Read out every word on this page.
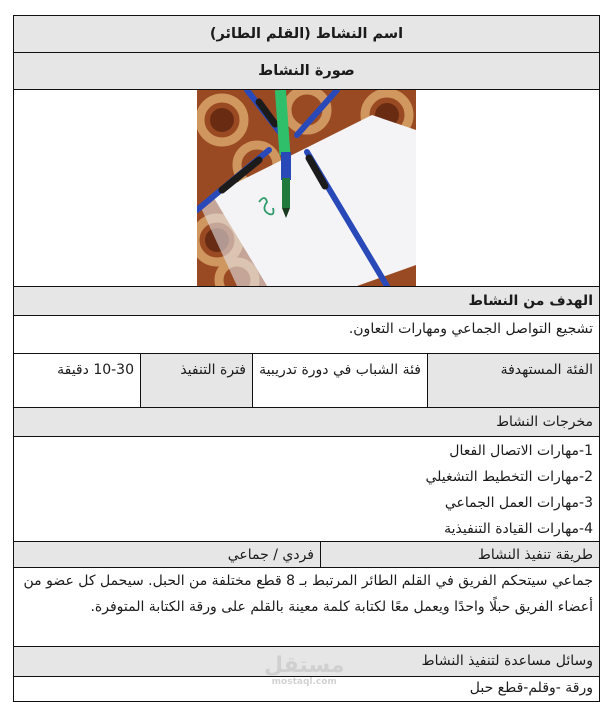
اسم النشاط (القلم الطائر)
صورة النشاط
الهدف من النشاط
تشجيع التواصل الجماعي ومهارات التعاون.
الفئة المستهدفة
فئة الشباب في دورة تدريبية
فترة التنفيذ
10-30 دقيقة
مخرجات النشاط
1-مهارات الاتصال الفعال
2-مهارات التخطيط التشغيلي
3-مهارات العمل الجماعي
4-مهارات القيادة التنفيذية
طريقة تنفيذ النشاط
فردي / جماعي
جماعي سيتحكم الفريق في القلم الطائر المرتبط بـ 8 قطع مختلفة من الحبل. سيحمل كل عضو من أعضاء الفريق حبلًا واحدًا ويعمل معًا لكتابة كلمة معينة بالقلم على ورقة الكتابة المتوفرة.
وسائل مساعدة لتنفيذ النشاط
مستقل
mostaql.com	ورقة -وقلم-قطع حبل
